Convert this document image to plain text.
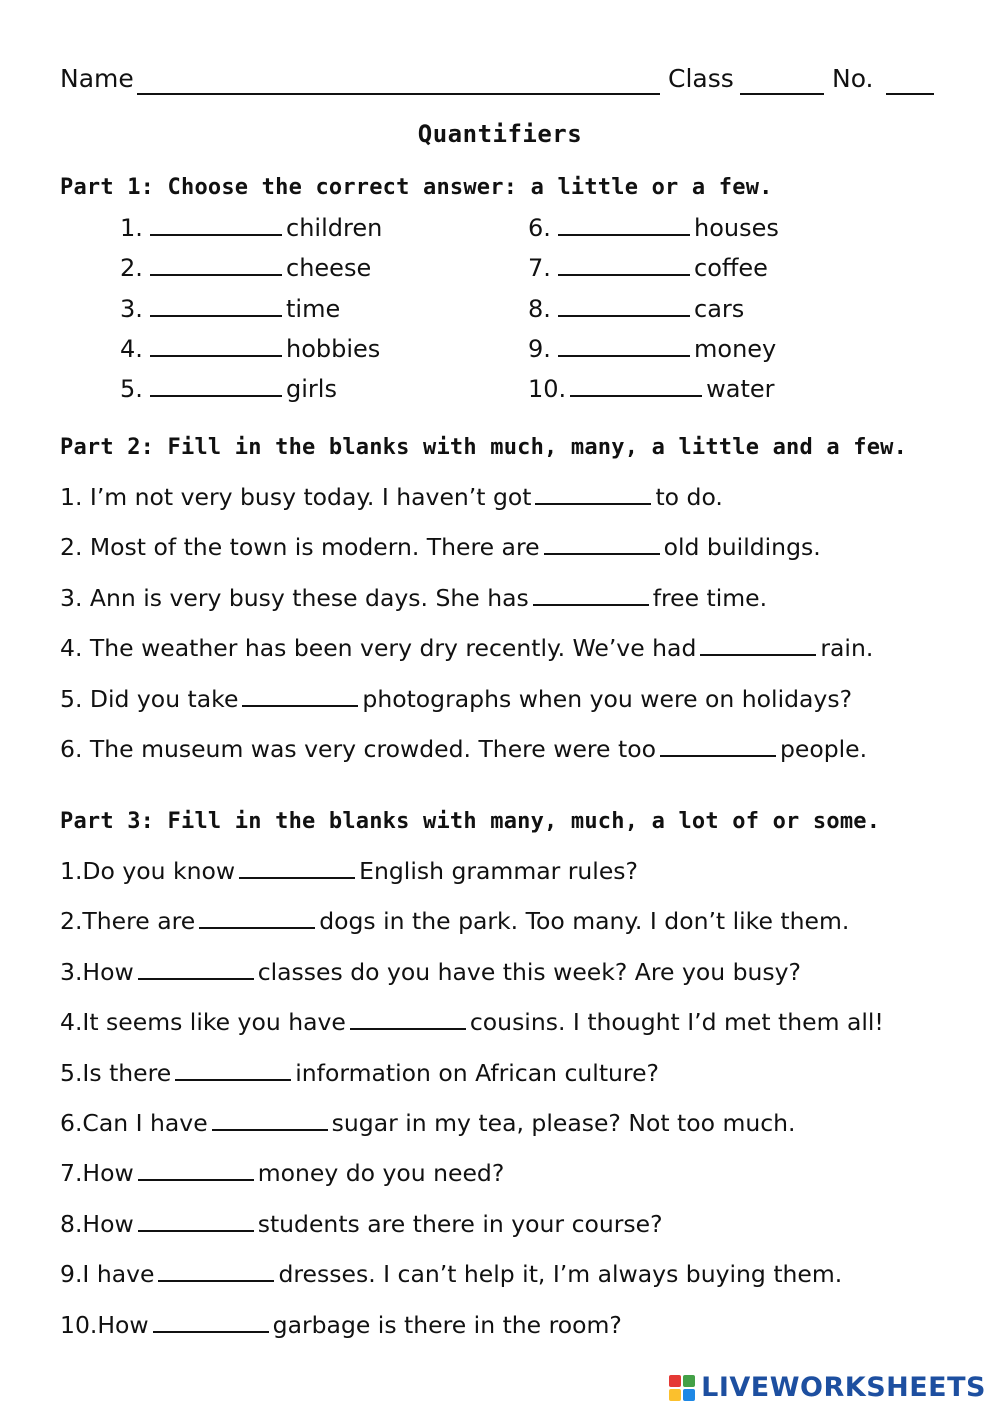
Name	Class	No.
Quantifiers
Part 1: Choose the correct answer: a little or a few.
1.	children
2.	cheese
3.	time
4.	hobbies
5.	girls
6.	houses
7.	coffee
8.	cars
9.	money
10.	water
Part 2: Fill in the blanks with much, many, a little and a few.
1. I’m not very busy today. I haven’t got	to do.
2. Most of the town is modern. There are	old buildings.
3. Ann is very busy these days. She has	free time.
4. The weather has been very dry recently. We’ve had	rain.
5. Did you take	photographs when you were on holidays?
6. The museum was very crowded. There were too	people.
Part 3: Fill in the blanks with many, much, a lot of or some.
1.Do you know	English grammar rules?
2.There are	dogs in the park. Too many. I don’t like them.
3.How	classes do you have this week? Are you busy?
4.It seems like you have	cousins. I thought I’d met them all!
5.Is there	information on African culture?
6.Can I have	sugar in my tea, please? Not too much.
7.How	money do you need?
8.How	students are there in your course?
9.I have	dresses. I can’t help it, I’m always buying them.
10.How	garbage is there in the room?
LIVEWORKSHEETS
